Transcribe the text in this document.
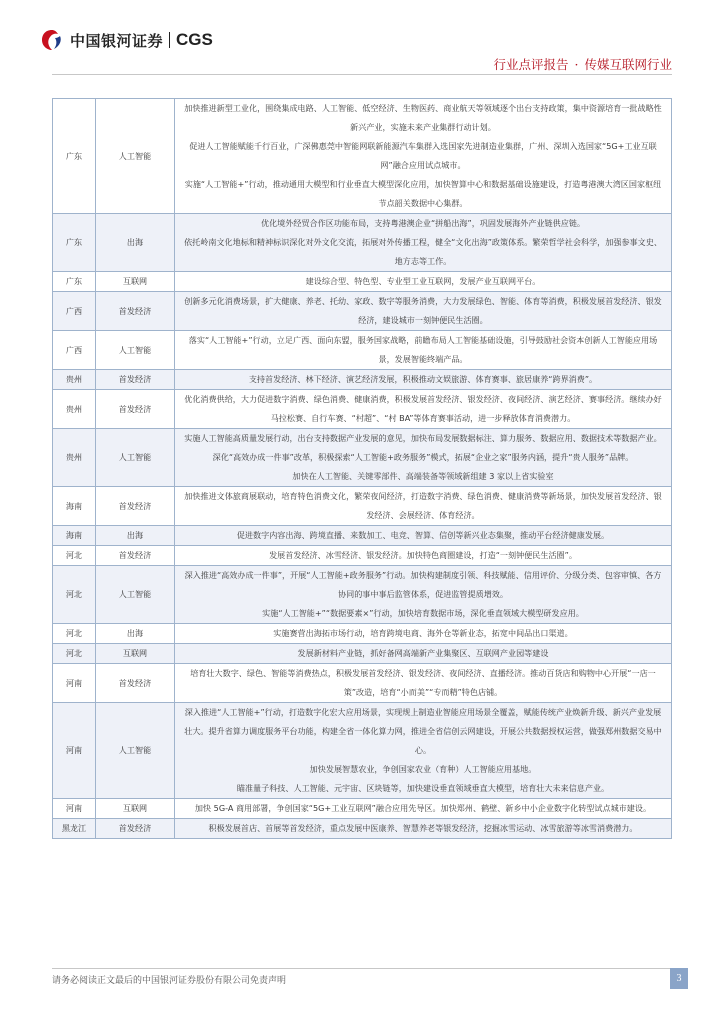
中国银河证券 CGS
行业点评报告 · 传媒互联网行业
广东	人工智能	加快推进新型工业化，围绕集成电路、人工智能、低空经济、生物医药、商业航天等领域逐个出台支持政策，集中资源培育一批战略性新兴产业，实施未来产业集群行动计划。
促进人工智能赋能千行百业，广深佛惠莞中智能网联新能源汽车集群入选国家先进制造业集群，广州、深圳入选国家“5G+工业互联网”融合应用试点城市。
实施“人工智能+”行动，推动通用大模型和行业垂直大模型深化应用，加快智算中心和数据基础设施建设，打造粤港澳大湾区国家枢纽节点韶关数据中心集群。

广东	出海	优化境外经贸合作区功能布局，支持粤港澳企业“拼船出海”，巩固发展海外产业链供应链。
依托岭南文化地标和精神标识深化对外文化交流，拓展对外传播工程，健全“文化出海”政策体系。繁荣哲学社会科学，加强参事文史、地方志等工作。

广东	互联网	建设综合型、特色型、专业型工业互联网，发展产业互联网平台。

广西	首发经济	创新多元化消费场景，扩大健康、养老、托幼、家政、数字等服务消费，大力发展绿色、智能、体育等消费，积极发展首发经济、银发经济，建设城市一刻钟便民生活圈。

广西	人工智能	落实“人工智能+”行动，立足广西、面向东盟，服务国家战略，前瞻布局人工智能基础设施，引导鼓励社会资本创新人工智能应用场景，发展智能终端产品。

贵州	首发经济	支持首发经济、林下经济、演艺经济发展，积极推动文娱旅游、体育赛事、旅居康养“跨界消费”。

贵州	首发经济	优化消费供给，大力促进数字消费、绿色消费、健康消费，积极发展首发经济、银发经济、夜间经济、演艺经济、赛事经济。继续办好马拉松赛、自行车赛、“村超”、“村 BA”等体育赛事活动，进一步释放体育消费潜力。

贵州	人工智能	实施人工智能高质量发展行动，出台支持数据产业发展的意见，加快布局发展数据标注、算力服务、数据应用、数据技术等数据产业。
深化“高效办成一件事”改革，积极探索“人工智能+政务服务”模式，拓展“企业之家”服务内涵，提升“贵人服务”品牌。
加快在人工智能、关键零部件、高端装备等领域新组建 3 家以上省实验室

海南	首发经济	加快推进文体旅商展联动，培育特色消费文化，繁荣夜间经济，打造数字消费、绿色消费、健康消费等新场景，加快发展首发经济、银发经济、会展经济、体育经济。

海南	出海	促进数字内容出海、跨境直播、来数加工、电竞、智算、信创等新兴业态集聚，推动平台经济健康发展。

河北	首发经济	发展首发经济、冰雪经济、银发经济。加快特色商圈建设，打造“一刻钟便民生活圈”。

河北	人工智能	深入推进“高效办成一件事”，开展“人工智能+政务服务”行动。加快构建制度引领、科技赋能、信用评价、分级分类、包容审慎、各方协同的事中事后监管体系，促进监管提质增效。
实施“人工智能+”“数据要素×”行动，加快培育数据市场，深化垂直领域大模型研发应用。

河北	出海	实施赛营出海拓市场行动，培育跨境电商、海外仓等新业态，拓宽中间品出口渠道。

河北	互联网	发展新材料产业链，抓好备网高端新产业集聚区、互联网产业园等建设

河南	首发经济	培育壮大数字、绿色、智能等消费热点，积极发展首发经济、银发经济、夜间经济、直播经济。推动百货店和购物中心开展“一店一策”改造，培育“小而美”“专而精”特色店铺。

河南	人工智能	深入推进“人工智能+”行动，打造数字化宏大应用场景，实现规上制造业智能应用场景全覆盖，赋能传统产业焕新升级、新兴产业发展壮大。提升省算力调度服务平台功能，构建全省一体化算力网，推进全省信创云网建设，开展公共数据授权运营，做强郑州数据交易中心。
加快发展智慧农业，争创国家农业（育种）人工智能应用基地。
瞄准量子科技、人工智能、元宇宙、区块链等，加快建设垂直领域垂直大模型，培育壮大未来信息产业。

河南	互联网	加快 5G-A 商用部署，争创国家“5G+工业互联网”融合应用先导区。加快郑州、鹤壁、新乡中小企业数字化转型试点城市建设。

黑龙江	首发经济	积极发展首店、首展等首发经济，重点发展中医康养、智慧养老等银发经济，挖掘冰雪运动、冰雪旅游等冰雪消费潜力。
请务必阅读正文最后的中国银河证券股份有限公司免责声明	3
